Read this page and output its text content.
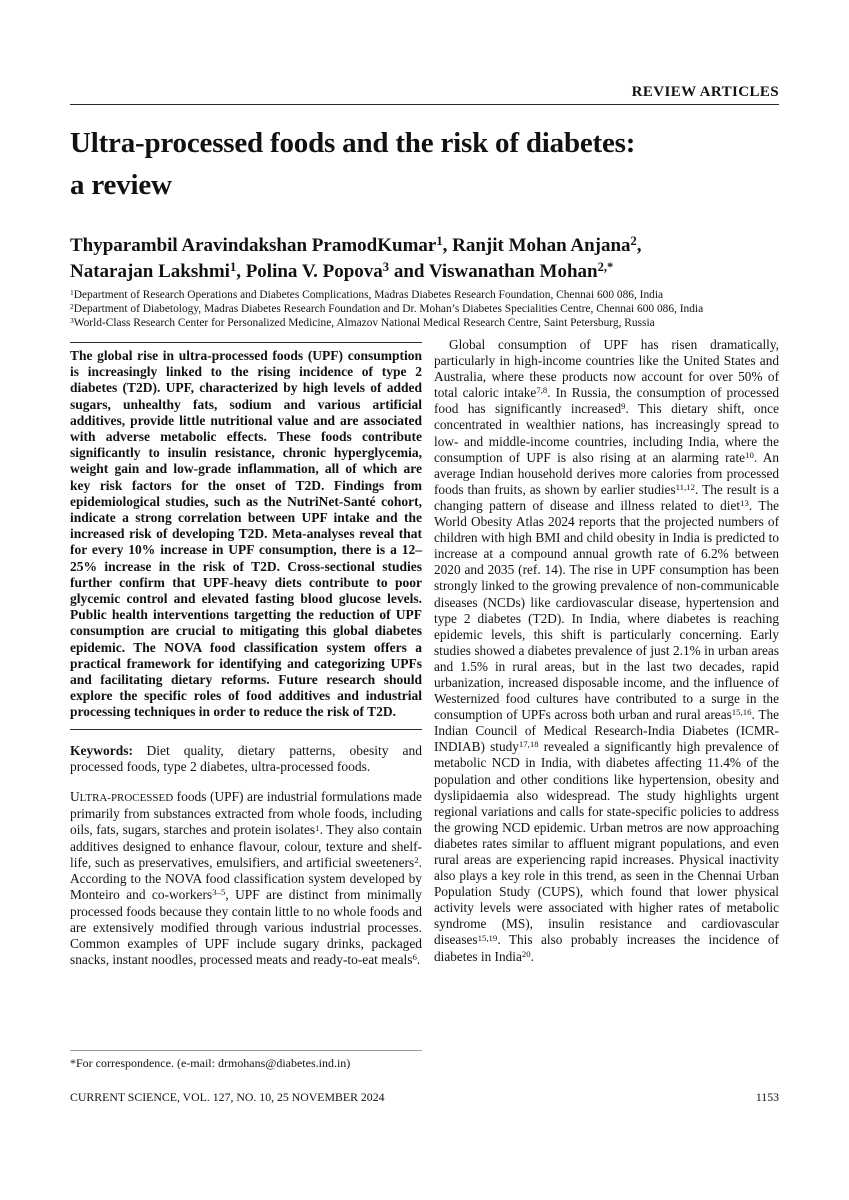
REVIEW ARTICLES
Ultra-processed foods and the risk of diabetes:
a review
Thyparambil Aravindakshan PramodKumar$^1$, Ranjit Mohan Anjana$^2$,
Natarajan Lakshmi$^1$, Polina V. Popova$^3$ and Viswanathan Mohan$^{2,*}$
$^1$Department of Research Operations and Diabetes Complications, Madras Diabetes Research Foundation, Chennai 600 086, India
$^2$Department of Diabetology, Madras Diabetes Research Foundation and Dr. Mohan’s Diabetes Specialities Centre, Chennai 600 086, India
$^3$World-Class Research Center for Personalized Medicine, Almazov National Medical Research Centre, Saint Petersburg, Russia

The global rise in ultra-processed foods (UPF) consumption is increasingly linked to the rising incidence of type 2 diabetes (T2D). UPF, characterized by high levels of added sugars, unhealthy fats, sodium and various artificial additives, provide little nutritional value and are associated with adverse metabolic effects. These foods contribute significantly to insulin resistance, chronic hyperglycemia, weight gain and low-grade inflammation, all of which are key risk factors for the onset of T2D. Findings from epidemiological studies, such as the NutriNet-Santé cohort, indicate a strong correlation between UPF intake and the increased risk of developing T2D. Meta-analyses reveal that for every 10% increase in UPF consumption, there is a 12–25% increase in the risk of T2D. Cross-sectional studies further confirm that UPF-heavy diets contribute to poor glycemic control and elevated fasting blood glucose levels. Public health interventions targetting the reduction of UPF consumption are crucial to mitigating this global diabetes epidemic. The NOVA food classification system offers a practical framework for identifying and categorizing UPFs and facilitating dietary reforms. Future research should explore the specific roles of food additives and industrial processing techniques in order to reduce the risk of T2D.

Keywords: Diet quality, dietary patterns, obesity and processed foods, type 2 diabetes, ultra-processed foods.

ULTRA-PROCESSED foods (UPF) are industrial formulations made primarily from substances extracted from whole foods, including oils, fats, sugars, starches and protein isolates$^1$. They also contain additives designed to enhance flavour, colour, texture and shelf-life, such as preservatives, emulsifiers, and artificial sweeteners$^2$. According to the NOVA food classification system developed by Monteiro and co-workers$^{3-5}$, UPF are distinct from minimally processed foods because they contain little to no whole foods and are extensively modified through various industrial processes. Common examples of UPF include sugary drinks, packaged snacks, instant noodles, processed meats and ready-to-eat meals$^6$.

*For correspondence. (e-mail: drmohans@diabetes.ind.in)

Global consumption of UPF has risen dramatically, particularly in high-income countries like the United States and Australia, where these products now account for over 50% of total caloric intake$^{7,8}$. In Russia, the consumption of processed food has significantly increased$^9$. This dietary shift, once concentrated in wealthier nations, has increasingly spread to low- and middle-income countries, including India, where the consumption of UPF is also rising at an alarming rate$^{10}$. An average Indian household derives more calories from processed foods than fruits, as shown by earlier studies$^{11,12}$. The result is a changing pattern of disease and illness related to diet$^{13}$. The World Obesity Atlas 2024 reports that the projected numbers of children with high BMI and child obesity in India is predicted to increase at a compound annual growth rate of 6.2% between 2020 and 2035 (ref. 14). The rise in UPF consumption has been strongly linked to the growing prevalence of non-communicable diseases (NCDs) like cardiovascular disease, hypertension and type 2 diabetes (T2D). In India, where diabetes is reaching epidemic levels, this shift is particularly concerning. Early studies showed a diabetes prevalence of just 2.1% in urban areas and 1.5% in rural areas, but in the last two decades, rapid urbanization, increased disposable income, and the influence of Westernized food cultures have contributed to a surge in the consumption of UPFs across both urban and rural areas$^{15,16}$. The Indian Council of Medical Research-India Diabetes (ICMR-INDIAB) study$^{17,18}$ revealed a significantly high prevalence of metabolic NCD in India, with diabetes affecting 11.4% of the population and other conditions like hypertension, obesity and dyslipidaemia also widespread. The study highlights urgent regional variations and calls for state-specific policies to address the growing NCD epidemic. Urban metros are now approaching diabetes rates similar to affluent migrant populations, and even rural areas are experiencing rapid increases. Physical inactivity also plays a key role in this trend, as seen in the Chennai Urban Population Study (CUPS), which found that lower physical activity levels were associated with higher rates of metabolic syndrome (MS), insulin resistance and cardiovascular diseases$^{15,19}$. This also probably increases the incidence of diabetes in India$^{20}$.

CURRENT SCIENCE, VOL. 127, NO. 10, 25 NOVEMBER 2024	1153
